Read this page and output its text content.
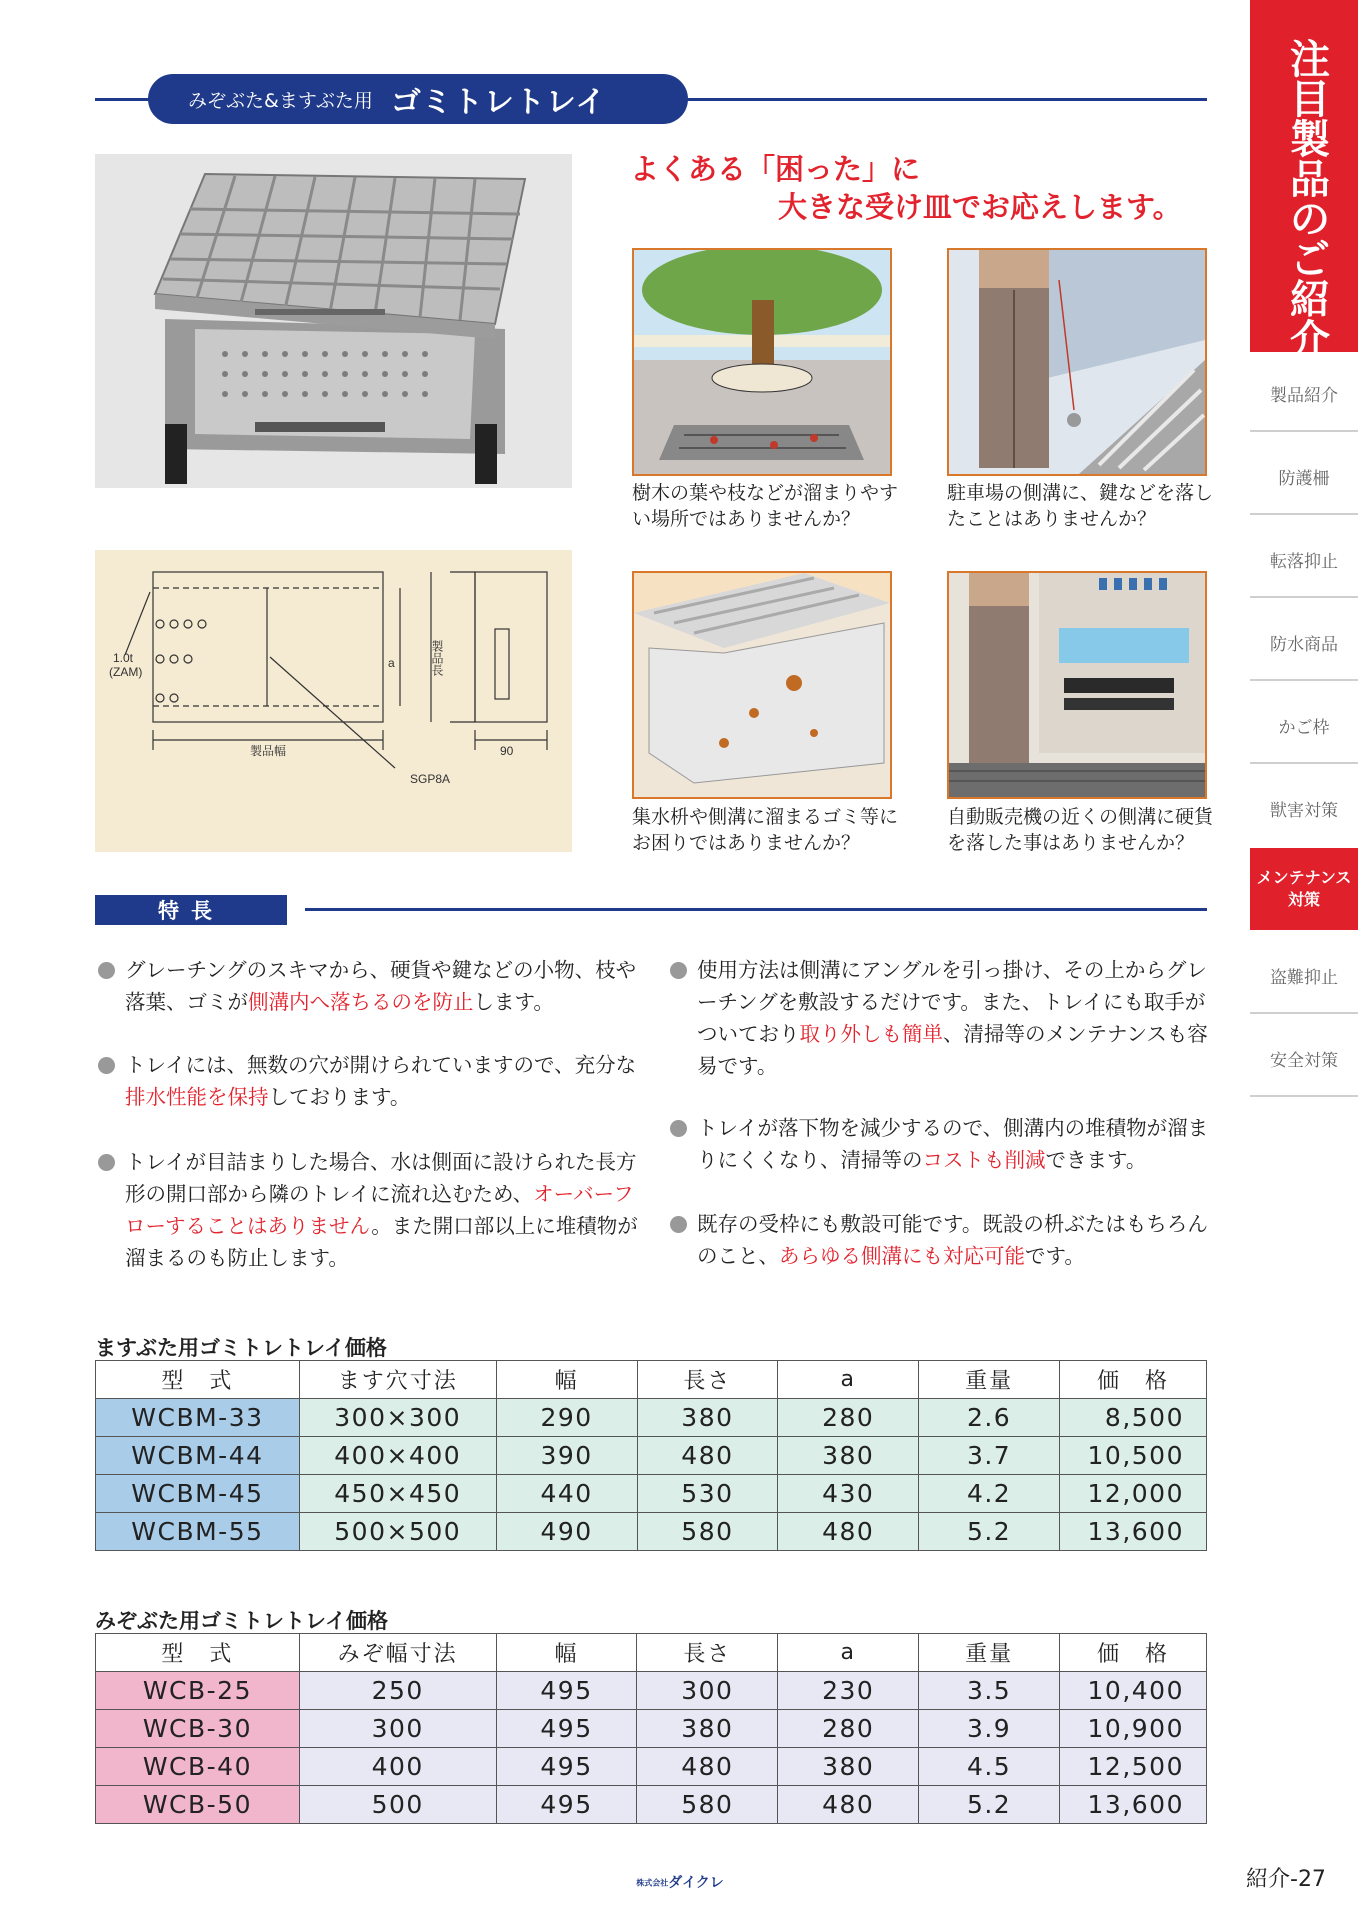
みぞぶた&ますぶた用 ゴミトレトレイ
1.0t
(ZAM)
製品幅
a
SGP8A
90
製品長
よくある「困った」に

大きな受け皿でお応えします。
樹木の葉や枝などが溜まりやすい場所ではありませんか？
駐車場の側溝に、鍵などを落したことはありませんか？
集水枡や側溝に溜まるゴミ等にお困りではありませんか？
自動販売機の近くの側溝に硬貨を落した事はありませんか？
特長
グレーチングのスキマから、硬貨や鍵などの小物、枝や落葉、ゴミが側溝内へ落ちるのを防止します。
トレイには、無数の穴が開けられていますので、充分な排水性能を保持しております。
トレイが目詰まりした場合、水は側面に設けられた長方形の開口部から隣のトレイに流れ込むため、オーバーフローすることはありません。また開口部以上に堆積物が溜まるのも防止します。
使用方法は側溝にアングルを引っ掛け、その上からグレーチングを敷設するだけです。また、トレイにも取手がついており取り外しも簡単、清掃等のメンテナンスも容易です。
トレイが落下物を減少するので、側溝内の堆積物が溜まりにくくなり、清掃等のコストも削減できます。
既存の受枠にも敷設可能です。既設の枡ぶたはもちろんのこと、あらゆる側溝にも対応可能です。
ますぶた用ゴミトレトレイ価格
型　式	ます穴寸法	幅	長さ	a	重量	価　格
WCBM-33	300×300	290	380	280	2.6	8,500
WCBM-44	400×400	390	480	380	3.7	10,500
WCBM-45	450×450	440	530	430	4.2	12,000
WCBM-55	500×500	490	580	480	5.2	13,600
みぞぶた用ゴミトレトレイ価格
型　式	みぞ幅寸法	幅	長さ	a	重量	価　格
WCB-25	250	495	300	230	3.5	10,400
WCB-30	300	495	380	280	3.9	10,900
WCB-40	400	495	480	380	4.5	12,500
WCB-50	500	495	580	480	5.2	13,600
注目製品のご紹介
製品紹介
防護柵
転落抑止
防水商品
かご枠
獣害対策
メンテナンス
対策
盗難抑止
安全対策
株式会社ダイクレ	紹介-27
